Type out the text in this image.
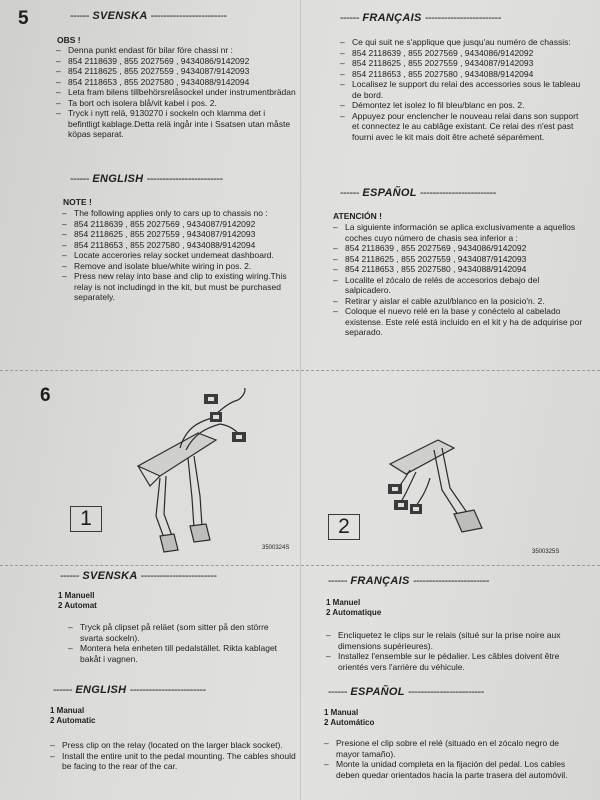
5	------ SVENSKA ------------------------
OBS !
– Denna punkt endast för bilar före chassi nr :
– 854 2118639 , 855 2027569 , 9434086/9142092
– 854 2118625 , 855 2027559 , 9434087/9142093
– 854 2118653 , 855 2027580 , 9434088/9142094
– Leta fram bilens tillbehörsrelåsockel under instrumentbrädan
– Ta bort och isolera blå/vit kabel i pos. 2.
– Tryck i nytt relä, 9130270 i sockeln och klamma det i befintligt kablage.Detta relä ingår inte i Ssatsen utan måste köpas separat.
------ ENGLISH ------------------------
NOTE !
– The following applies only to cars up to chassis no :
– 854 2118639 , 855 2027569 , 9434087/9142092
– 854 2118625 , 855 2027559 , 9434087/9142093
– 854 2118653 , 855 2027580 , 9434088/9142094
– Locate accerories relay socket undemeat dashboard.
– Remove and isolate blue/white wiring in pos. 2.
– Press new relay into base and clip to existing wiring.This relay is not includingd in the kit, but must be purchased separately.
------ FRANÇAIS ------------------------
– Ce qui suit ne s'applique que jusqu'au numéro de chassis:
– 854 2118639 , 855 2027569 , 9434086/9142092
– 854 2118625 , 855 2027559 , 9434087/9142093
– 854 2118653 , 855 2027580 , 9434088/9142094
– Localisez le support du relai des accessories sous le tableau de bord.
– Démontez let isolez lo fil bleu/blanc en pos. 2.
– Appuyez pour enclencher le nouveau relai dans son support et connectez le au cablâge existant. Ce relai des n'est past fourni avec le kit mais doit être acheté séparément.
------ ESPAÑOL ------------------------
ATENCIÓN !
– La siguiente información se aplica exclusivamente a aquellos coches cuyo número de chasis sea inferior a :
– 854 2118639 , 855 2027569 , 9434086/9142092
– 854 2118625 , 855 2027559 , 9434087/9142093
– 854 2118653 , 855 2027580 , 9434088/9142094
– Localite el zócalo de relés de accesorios debajo del salpicadero.
– Retirar y aislar el cable azul/blanco en la posicio'n. 2.
– Coloque el nuevo relé en la base y conéctelo al cabelado existense. Este relé está incluido en el kit y ha de adquirise por separado.
6
1
3500324S
2
3500325S
------ SVENSKA ------------------------
1 Manuell
2 Automat
– Tryck på clipset på reläet (som sitter på den större svarta sockeln).
– Montera hela enheten till pedalstället. Rikta kablaget bakåt i vagnen.
------ ENGLISH ------------------------
1 Manual
2 Automatic
– Press clip on the relay (located on the larger black socket).
– Install the entire unit to the pedal mounting. The cables should be facing to the rear of the car.
------ FRANÇAIS ------------------------
1 Manuel
2 Automatique
– Encliquetez le clips sur le relais (situé sur la prise noire aux dimensions supérieures).
– Installez l'ensemble sur le pédalier. Les câbles doivent être orientés vers l'arrière du véhicule.
------ ESPAÑOL ------------------------
1 Manual
2 Automático
– Presione el clip sobre el relé (situado en el zócalo negro de mayor tamaño).
– Monte la unidad completa en la fijación del pedal. Los cables deben quedar orientados hacia la parte trasera del automóvil.
